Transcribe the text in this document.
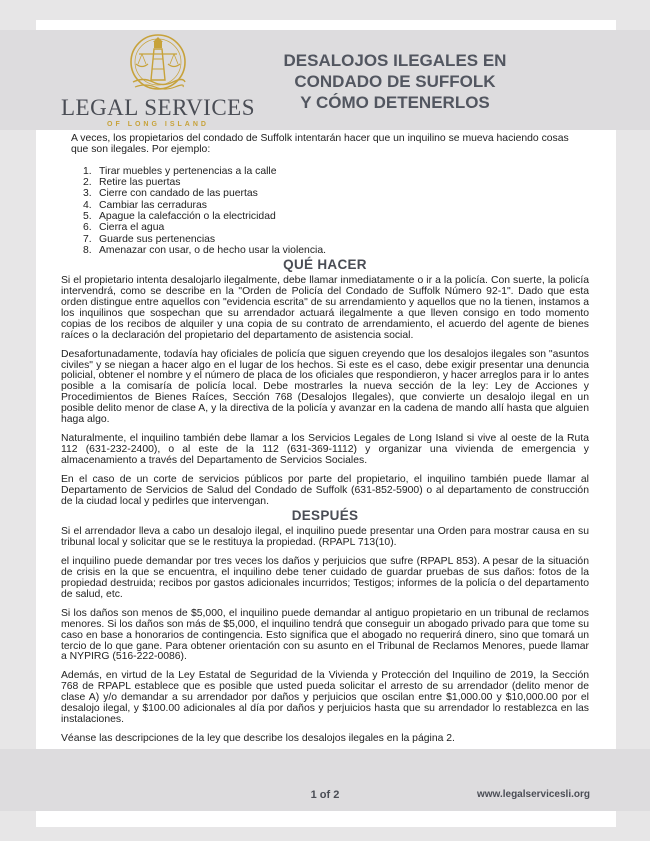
LEGAL SERVICES
OF LONG ISLAND
DESALOJOS ILEGALES EN
CONDADO DE SUFFOLK
Y CÓMO DETENERLOS

A veces, los propietarios del condado de Suffolk intentarán hacer que un inquilino se mueva haciendo cosas que son ilegales. Por ejemplo:

1. Tirar muebles y pertenencias a la calle
2. Retire las puertas
3. Cierre con candado de las puertas
4. Cambiar las cerraduras
5. Apague la calefacción o la electricidad
6. Cierra el agua
7. Guarde sus pertenencias
8. Amenazar con usar, o de hecho usar la violencia.
QUÉ HACER

Si el propietario intenta desalojarlo ilegalmente, debe llamar inmediatamente o ir a la policía. Con suerte, la policía intervendrá, como se describe en la "Orden de Policía del Condado de Suffolk Número 92-1". Dado que esta orden distingue entre aquellos con "evidencia escrita" de su arrendamiento y aquellos que no la tienen, instamos a los inquilinos que sospechan que su arrendador actuará ilegalmente a que lleven consigo en todo momento copias de los recibos de alquiler y una copia de su contrato de arrendamiento, el acuerdo del agente de bienes raíces o la declaración del propietario del departamento de asistencia social.

Desafortunadamente, todavía hay oficiales de policía que siguen creyendo que los desalojos ilegales son "asuntos civiles" y se niegan a hacer algo en el lugar de los hechos. Si este es el caso, debe exigir presentar una denuncia policial, obtener el nombre y el número de placa de los oficiales que respondieron, y hacer arreglos para ir lo antes posible a la comisaría de policía local. Debe mostrarles la nueva sección de la ley: Ley de Acciones y Procedimientos de Bienes Raíces, Sección 768 (Desalojos Ilegales), que convierte un desalojo ilegal en un posible delito menor de clase A, y la directiva de la policía y avanzar en la cadena de mando allí hasta que alguien haga algo.

Naturalmente, el inquilino también debe llamar a los Servicios Legales de Long Island si vive al oeste de la Ruta 112 (631-232-2400), o al este de la 112 (631-369-1112) y organizar una vivienda de emergencia y almacenamiento a través del Departamento de Servicios Sociales.

En el caso de un corte de servicios públicos por parte del propietario, el inquilino también puede llamar al Departamento de Servicios de Salud del Condado de Suffolk (631-852-5900) o al departamento de construcción de la ciudad local y pedirles que intervengan.

DESPUÉS

Si el arrendador lleva a cabo un desalojo ilegal, el inquilino puede presentar una Orden para mostrar causa en su tribunal local y solicitar que se le restituya la propiedad. (RPAPL 713(10).

el inquilino puede demandar por tres veces los daños y perjuicios que sufre (RPAPL 853). A pesar de la situación de crisis en la que se encuentra, el inquilino debe tener cuidado de guardar pruebas de sus daños: fotos de la propiedad destruida; recibos por gastos adicionales incurridos; Testigos; informes de la policía o del departamento de salud, etc.

Si los daños son menos de $5,000, el inquilino puede demandar al antiguo propietario en un tribunal de reclamos menores. Si los daños son más de $5,000, el inquilino tendrá que conseguir un abogado privado para que tome su caso en base a honorarios de contingencia. Esto significa que el abogado no requerirá dinero, sino que tomará un tercio de lo que gane. Para obtener orientación con su asunto en el Tribunal de Reclamos Menores, puede llamar a NYPIRG (516-222-0086).

Además, en virtud de la Ley Estatal de Seguridad de la Vivienda y Protección del Inquilino de 2019, la Sección 768 de RPAPL establece que es posible que usted pueda solicitar el arresto de su arrendador (delito menor de clase A) y/o demandar a su arrendador por daños y perjuicios que oscilan entre $1,000.00 y $10,000.00 por el desalojo ilegal, y $100.00 adicionales al día por daños y perjuicios hasta que su arrendador lo restablezca en las instalaciones.

Véanse las descripciones de la ley que describe los desalojos ilegales en la página 2.

1 of 2	www.legalservicesli.org
